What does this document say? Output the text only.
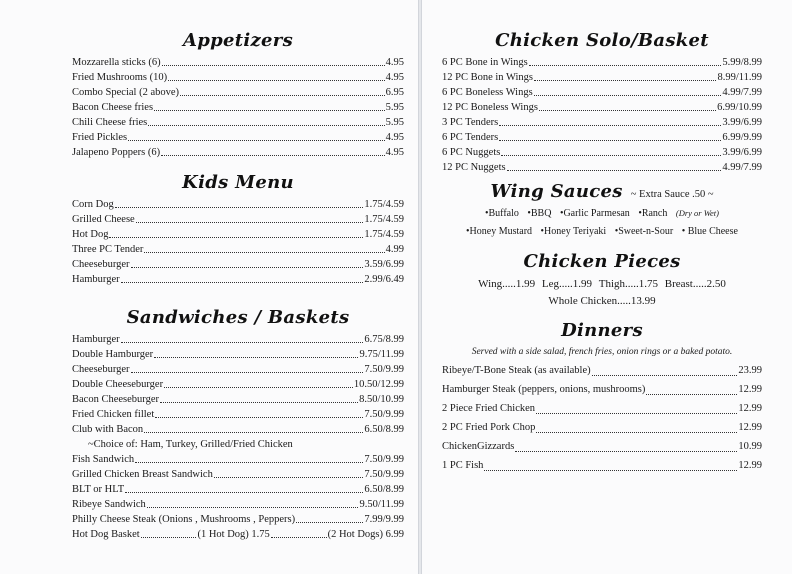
Appetizers
Mozzarella sticks (6)	4.95
Fried Mushrooms (10)	4.95
Combo Special (2 above)	6.95
Bacon Cheese fries	5.95
Chili Cheese fries	5.95
Fried Pickles	4.95
Jalapeno Poppers (6)	4.95
Kids Menu
Corn Dog	1.75/4.59
Grilled Cheese	1.75/4.59
Hot Dog	1.75/4.59
Three PC Tender	4.99
Cheeseburger	3.59/6.99
Hamburger	2.99/6.49
Sandwiches / Baskets
Hamburger	6.75/8.99
Double Hamburger	9.75/11.99
Cheeseburger	7.50/9.99
Double Cheeseburger	10.50/12.99
Bacon Cheeseburger	8.50/10.99
Fried Chicken fillet	7.50/9.99
Club with Bacon	6.50/8.99
~Choice of: Ham, Turkey, Grilled/Fried Chicken
Fish Sandwich	7.50/9.99
Grilled Chicken Breast Sandwich	7.50/9.99
BLT or HLT	6.50/8.99
Ribeye Sandwich	9.50/11.99
Philly Cheese Steak (Onions , Mushrooms , Peppers)	7.99/9.99
Hot Dog Basket	(1 Hot Dog) 1.75	(2 Hot Dogs) 6.99
Chicken Solo/Basket
6 PC Bone in Wings	5.99/8.99
12 PC Bone in Wings	8.99/11.99
6 PC Boneless Wings	4.99/7.99
12 PC Boneless Wings	6.99/10.99
3 PC Tenders	3.99/6.99
6 PC Tenders	6.99/9.99
6 PC Nuggets	3.99/6.99
12 PC Nuggets	4.99/7.99
Wing Sauces ~ Extra Sauce .50 ~
•Buffalo •BBQ •Garlic Parmesan •Ranch (Dry or Wet)
•Honey Mustard •Honey Teriyaki •Sweet-n-Sour • Blue Cheese
Chicken Pieces
Wing.....1.99 Leg.....1.99 Thigh.....1.75 Breast.....2.50
Whole Chicken.....13.99
Dinners
Served with a side salad, french fries, onion rings or a baked potato.
Ribeye/T-Bone Steak (as available)	23.99
Hamburger Steak (peppers, onions, mushrooms)	12.99
2 Piece Fried Chicken	12.99
2 PC Fried Pork Chop	12.99
ChickenGizzards	10.99
1 PC Fish	12.99
